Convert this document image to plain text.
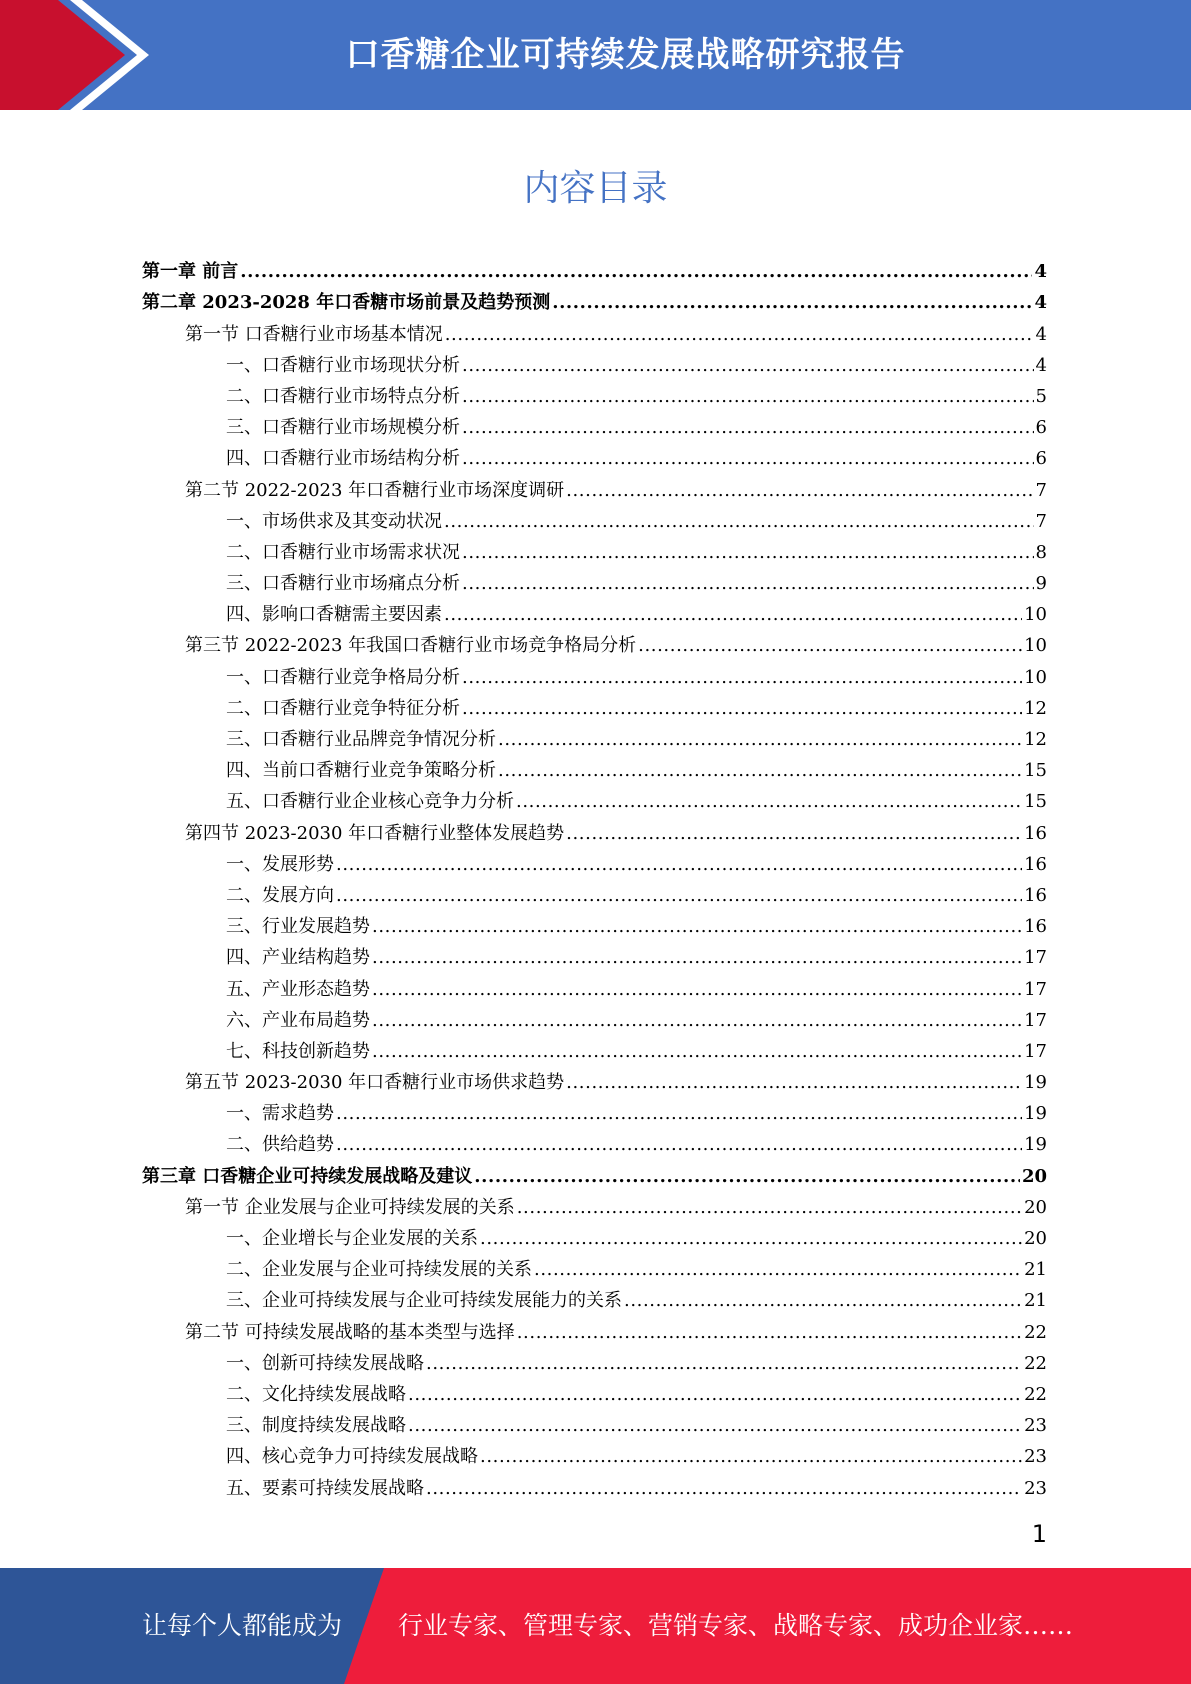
口香糖企业可持续发展战略研究报告
内容目录
第一章 前言 .....	4
第二章 2023-2028 年口香糖市场前景及趋势预测 .....	4
第一节 口香糖行业市场基本情况 .....	4
一、口香糖行业市场现状分析 .....	4
二、口香糖行业市场特点分析 .....	5
三、口香糖行业市场规模分析 .....	6
四、口香糖行业市场结构分析 .....	6
第二节 2022-2023 年口香糖行业市场深度调研 .....	7
一、市场供求及其变动状况 .....	7
二、口香糖行业市场需求状况 .....	8
三、口香糖行业市场痛点分析 .....	9
四、影响口香糖需主要因素 .....	10
第三节 2022-2023 年我国口香糖行业市场竞争格局分析 .....	10
一、口香糖行业竞争格局分析 .....	10
二、口香糖行业竞争特征分析 .....	12
三、口香糖行业品牌竞争情况分析 .....	12
四、当前口香糖行业竞争策略分析 .....	15
五、口香糖行业企业核心竞争力分析 .....	15
第四节 2023-2030 年口香糖行业整体发展趋势 .....	16
一、发展形势 .....	16
二、发展方向 .....	16
三、行业发展趋势 .....	16
四、产业结构趋势 .....	17
五、产业形态趋势 .....	17
六、产业布局趋势 .....	17
七、科技创新趋势 .....	17
第五节 2023-2030 年口香糖行业市场供求趋势 .....	19
一、需求趋势 .....	19
二、供给趋势 .....	19
第三章 口香糖企业可持续发展战略及建议 .....	20
第一节 企业发展与企业可持续发展的关系 .....	20
一、企业增长与企业发展的关系 .....	20
二、企业发展与企业可持续发展的关系 .....	21
三、企业可持续发展与企业可持续发展能力的关系 .....	21
第二节 可持续发展战略的基本类型与选择 .....	22
一、创新可持续发展战略 .....	22
二、文化持续发展战略 .....	22
三、制度持续发展战略 .....	23
四、核心竞争力可持续发展战略 .....	23
五、要素可持续发展战略 .....	23
1
让每个人都能成为 行业专家、管理专家、营销专家、战略专家、成功企业家……
